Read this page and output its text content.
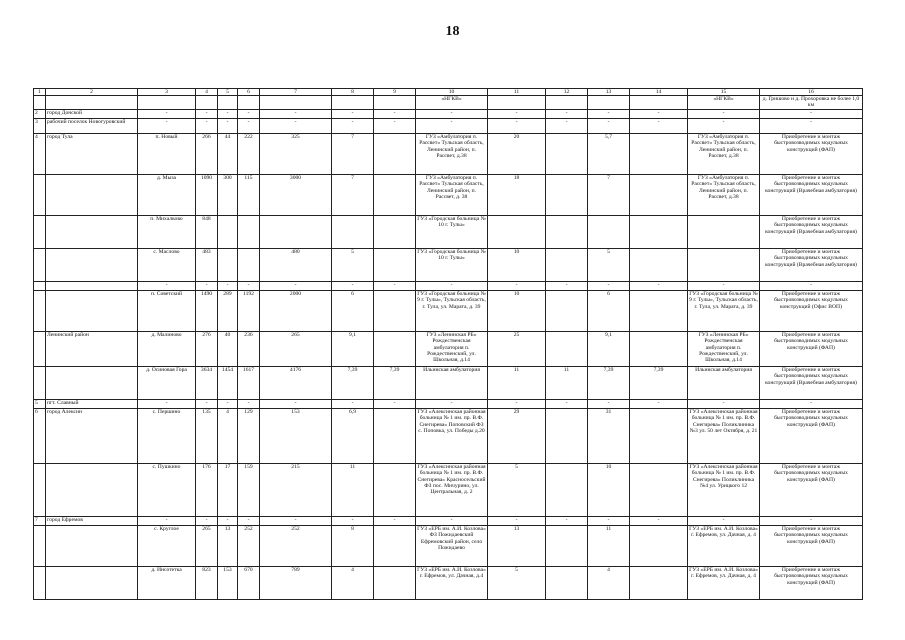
18
1	2	3	4	5	6	7	8	9	10	11	12	13	14	15	16
									«НГКВ»					«НГКВ»	д. Гришово и д. Прохоровка не более 1,0 км
2	город Донской	-	-	-	-	-	-	-	-	-	-	-	-	-	-
3	рабочий поселок Новогуровский	-	-	-	-	-	-	-	-	-	-	-	-	-	-
4	город Тула	п. Новый	266	44	222	325	7		ГУЗ «Амбулатория п. Рассвет» Тульская область, Ленинский район, п. Рассвет, д.38	20		5,7		ГУЗ «Амбулатория п. Рассвет» Тульская область, Ленинский район, п. Рассвет, д.38	Приобретение и монтаж быстровозводимых модульных конструкций (ФАП)
		д. Мыза	1090	300	115	3000	7		ГУЗ «Амбулатория п. Рассвет» Тульская область, Ленинский район, п. Рассвет, д. 38	18		7		ГУЗ «Амбулатория п. Рассвет» Тульская область, Ленинский район, п. Рассвет, д.38	Приобретение и монтаж быстровозводимых модульных конструкций (Врачебная амбулатория)
		п. Михалково	848						ГУЗ «Городская больница № 10 г. Тулы»						Приобретение и монтаж быстровозводимых модульных конструкций (Врачебная амбулатория)
		с. Маслово	483			480	5		ГУЗ «Городская больница № 10 г. Тулы»	10		5			Приобретение и монтаж быстровозводимых модульных конструкций (Врачебная амбулатория)
		-	-	-	-	-	-	-	-	-	-	-	-	-	-
		п. Советский	1490	289	1192	2000	6		ГУЗ «Городская больница № 9 г. Тулы», Тульская область, г. Тула, ул. Марата, д. 39	10		6		ГУЗ «Городская больница № 9 г. Тулы», Тульская область, г. Тула, ул. Марата, д. 39	Приобретение и монтаж быстровозводимых модульных конструкций (Офис ВОП)
	Ленинский район	д. Малиново	276	40	236	265	9,1		ГУЗ «Ленинская РБ» Рождественская амбулатория п. Рождественский, ул. Школьная, д.14	25		9,1		ГУЗ «Ленинская РБ» Рождественская амбулатория п. Рождественский, ул. Школьная, д.14	Приобретение и монтаж быстровозводимых модульных конструкций (ФАП)
		д. Осиновая Гора	3634	1454	1617	4176	7,39	7,39	Ильинская амбулатория	11	11	7,39	7,39	Ильинская амбулатория	Приобретение и монтаж быстровозводимых модульных конструкций (Врачебная амбулатория)
5	пгт. Славный	-	-	-	-	-	-	-	-	-	-	-	-	-	-
6	город Алексин	с. Першино	135	4	129	153	6,9		ГУЗ «Алексинская районная больница № 1 им. пр. В.Ф. Снегирева» Поповский ФЗ с. Поповка, ул. Победы д.20	29		31		ГУЗ «Алексинская районная больница № 1 им. пр. В.Ф. Снегирева» Поликлиника №3 ул. 50 лет Октября, д. 21	Приобретение и монтаж быстровозводимых модульных конструкций (ФАП)
		с. Пушкино	176	17	159	215	11		ГУЗ «Алексинская районная больница № 1 им. пр. В.Ф. Снегирева» Красносельский ФЗ пос. Мичурино, ул. Центральная, д. 2	5		10		ГУЗ «Алексинская районная больница № 1 им. пр. В.Ф. Снегирева» Поликлиника №4 ул. Урицкого 12	Приобретение и монтаж быстровозводимых модульных конструкций (ФАП)
7	город Ефремов	-	-	-	-	-	-	-	-	-	-	-	-	-	-
		с. Круглое	265	13	252	252	8		ГУЗ «ЕРБ им. А.И. Козлова» ФЗ Пожидаевский Ефремовский район, село Пожидаево	13		11		ГУЗ «ЕРБ им. А.И. Козлова» г. Ефремов, ул. Дачная, д. 4	Приобретение и монтаж быстровозводимых модульных конструкций (ФАП)
		д. Инсотетка	823	153	670	789	4		ГУЗ «ЕРБ им. А.И. Козлова» г. Ефремов, ул. Дачная, д.4	5		4		ГУЗ «ЕРБ им. А.И. Козлова» г. Ефремов, ул. Дачная, д. 4	Приобретение и монтаж быстровозводимых модульных конструкций (ФАП)
